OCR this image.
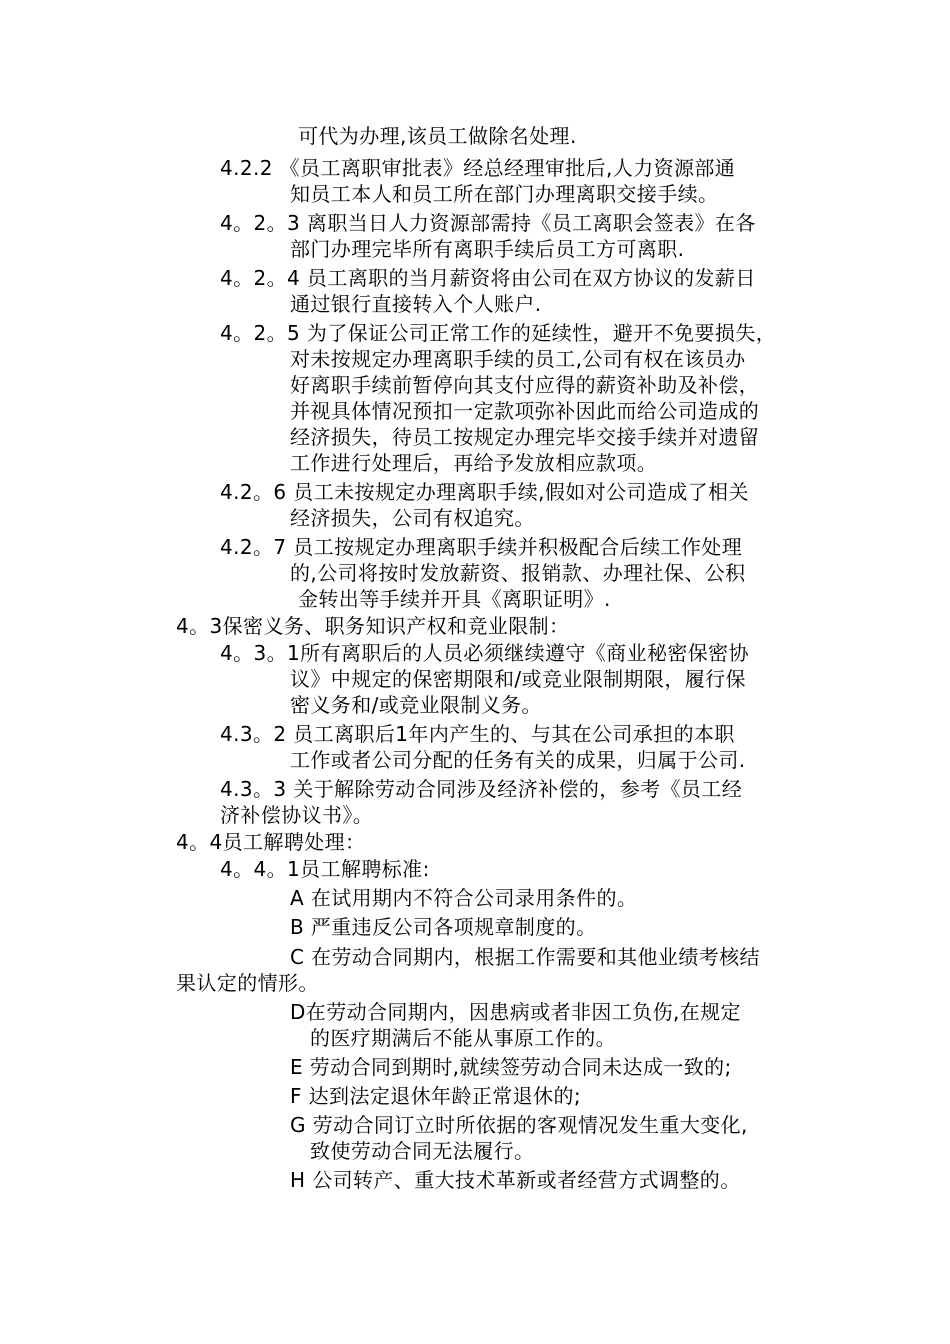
可代为办理,该员工做除名处理.
4.2.2 《员工离职审批表》经总经理审批后,人力资源部通
知员工本人和员工所在部门办理离职交接手续。
4。2。3 离职当日人力资源部需持《员工离职会签表》在各
部门办理完毕所有离职手续后员工方可离职.
4。2。4 员工离职的当月薪资将由公司在双方协议的发薪日
通过银行直接转入个人账户.
4。2。5 为了保证公司正常工作的延续性，避开不免要损失，
对未按规定办理离职手续的员工,公司有权在该员办
好离职手续前暂停向其支付应得的薪资补助及补偿，
并视具体情况预扣一定款项弥补因此而给公司造成的
经济损失，待员工按规定办理完毕交接手续并对遗留
工作进行处理后，再给予发放相应款项。
4.2。6 员工未按规定办理离职手续,假如对公司造成了相关
经济损失，公司有权追究。
4.2。7 员工按规定办理离职手续并积极配合后续工作处理
的,公司将按时发放薪资、报销款、办理社保、公积
金转出等手续并开具《离职证明》.
4。3保密义务、职务知识产权和竞业限制：
4。3。1所有离职后的人员必须继续遵守《商业秘密保密协
议》中规定的保密期限和/或竞业限制期限，履行保
密义务和/或竞业限制义务。
4.3。2 员工离职后1年内产生的、与其在公司承担的本职
工作或者公司分配的任务有关的成果，归属于公司.
4.3。3 关于解除劳动合同涉及经济补偿的，参考《员工经
济补偿协议书》。
4。4员工解聘处理：
4。4。1员工解聘标准:
A 在试用期内不符合公司录用条件的。
B 严重违反公司各项规章制度的。
C 在劳动合同期内，根据工作需要和其他业绩考核结
果认定的情形。
D在劳动合同期内，因患病或者非因工负伤,在规定
的医疗期满后不能从事原工作的。
E 劳动合同到期时,就续签劳动合同未达成一致的;
F 达到法定退休年龄正常退休的;
G 劳动合同订立时所依据的客观情况发生重大变化,
致使劳动合同无法履行。
H 公司转产、重大技术革新或者经营方式调整的。
